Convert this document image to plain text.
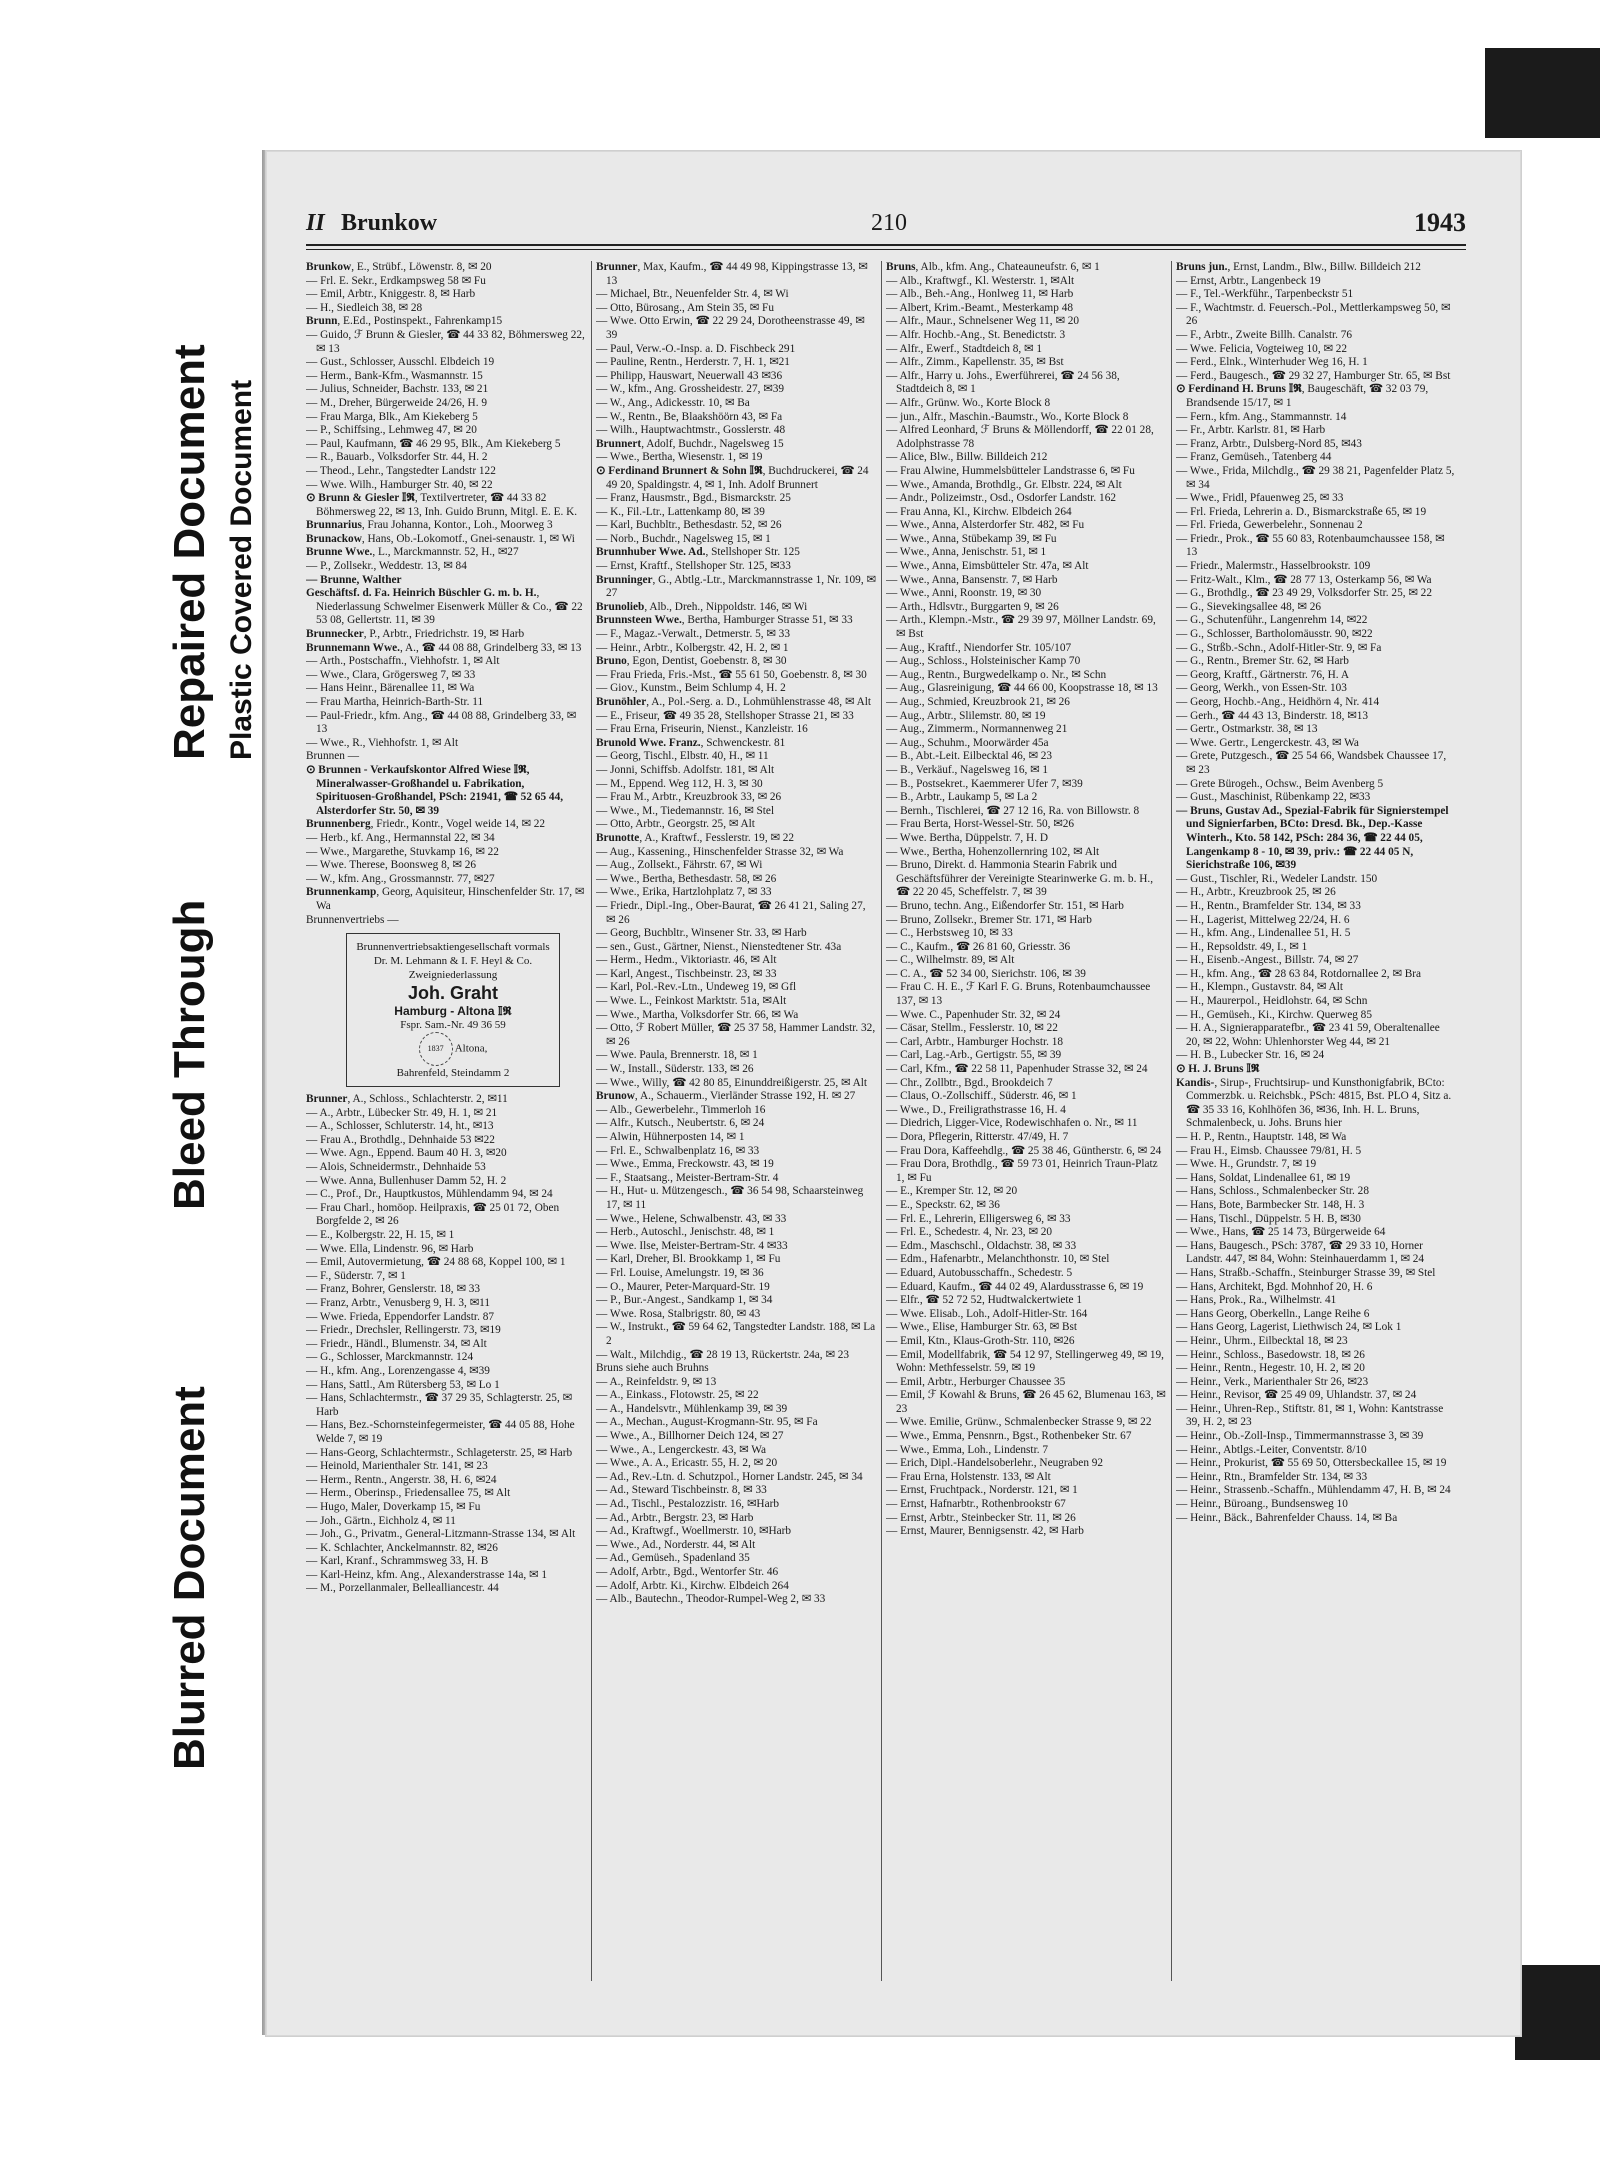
Blurred Document
Bleed Through
Repaired Document Plastic Covered Document
II Brunkow	210	1943

Brunkow, E., Strübf., Löwenstr. 8, ✉ 20

— Frl. E. Sekr., Erdkampsweg 58 ✉ Fu

— Emil, Arbtr., Kniggestr. 8, ✉ Harb

— H., Siedleich 38, ✉ 28

Brunn, E.Ed., Postinspekt., Fahrenkamp15

— Guido, ℱ Brunn & Giesler, ☎ 44 33 82, Böhmersweg 22, ✉ 13

— Gust., Schlosser, Ausschl. Elbdeich 19

— Herm., Bank-Kfm., Wasmannstr. 15

— Julius, Schneider, Bachstr. 133, ✉ 21

— M., Dreher, Bürgerweide 24/26, H. 9

— Frau Marga, Blk., Am Kiekeberg 5

— P., Schiffsing., Lehmweg 47, ✉ 20

— Paul, Kaufmann, ☎ 46 29 95, Blk., Am Kiekeberg 5

— R., Bauarb., Volksdorfer Str. 44, H. 2

— Theod., Lehr., Tangstedter Landstr 122

— Wwe. Wilh., Hamburger Str. 40, ✉ 22

⊙ Brunn & Giesler 𝕀𝕽, Textilvertreter, ☎ 44 33 82 Böhmersweg 22, ✉ 13, Inh. Guido Brunn, Mitgl. E. E. K.

Brunnarius, Frau Johanna, Kontor., Loh., Moorweg 3

Brunackow, Hans, Ob.-Lokomotf., Gnei-senaustr. 1, ✉ Wi

Brunne Wwe., L., Marckmannstr. 52, H., ✉27

— P., Zollsekr., Weddestr. 13, ✉ 84

— Brunne, Walther

Geschäftsf. d. Fa. Heinrich Büschler G. m. b. H., Niederlassung Schwelmer Eisenwerk Müller & Co., ☎ 22 53 08, Gellertstr. 11, ✉ 39

Brunnecker, P., Arbtr., Friedrichstr. 19, ✉ Harb

Brunnemann Wwe., A., ☎ 44 08 88, Grindelberg 33, ✉ 13

— Arth., Postschaffn., Viehhofstr. 1, ✉ Alt

— Wwe., Clara, Grögersweg 7, ✉ 33

— Hans Heinr., Bärenallee 11, ✉ Wa

— Frau Martha, Heinrich-Barth-Str. 11

— Paul-Friedr., kfm. Ang., ☎ 44 08 88, Grindelberg 33, ✉ 13

— Wwe., R., Viehhofstr. 1, ✉ Alt

Brunnen —

⊙ Brunnen - Verkaufskontor Alfred Wiese 𝕀𝕽, Mineralwasser-Großhandel u. Fabrikation, Spirituosen-Großhandel, PSch: 21941, ☎ 52 65 44, Alsterdorfer Str. 50, ✉ 39

Brunnenberg, Friedr., Kontr., Vogel weide 14, ✉ 22

— Herb., kf. Ang., Hermannstal 22, ✉ 34

— Wwe., Margarethe, Stuvkamp 16, ✉ 22

— Wwe. Therese, Boonsweg 8, ✉ 26

— W., kfm. Ang., Grossmannstr. 77, ✉27

Brunnenkamp, Georg, Aquisiteur, Hinschenfelder Str. 17, ✉ Wa

Brunnenvertriebs —

Brunnenvertriebsaktiengesellschaft vormals Dr. M. Lehmann & I. F. Heyl & Co.
Zweigniederlassung
Joh. Graht
Hamburg - Altona 𝕀𝕽
Fspr. Sam.-Nr. 49 36 59
1837 Altona,
Bahrenfeld, Steindamm 2

Brunner, A., Schloss., Schlachterstr. 2, ✉11

— A., Arbtr., Lübecker Str. 49, H. 1, ✉ 21

— A., Schlosser, Schluterstr. 14, ht., ✉13

— Frau A., Brothdlg., Dehnhaide 53 ✉22

— Wwe. Agn., Eppend. Baum 40 H. 3, ✉20

— Alois, Schneidermstr., Dehnhaide 53

— Wwe. Anna, Bullenhuser Damm 52, H. 2

— C., Prof., Dr., Hauptkustos, Mühlendamm 94, ✉ 24

— Frau Charl., homöop. Heilpraxis, ☎ 25 01 72, Oben Borgfelde 2, ✉ 26

— E., Kolbergstr. 22, H. 15, ✉ 1

— Wwe. Ella, Lindenstr. 96, ✉ Harb

— Emil, Autovermietung, ☎ 24 88 68, Koppel 100, ✉ 1

— F., Süderstr. 7, ✉ 1

— Franz, Bohrer, Genslerstr. 18, ✉ 33

— Franz, Arbtr., Venusberg 9, H. 3, ✉11

— Wwe. Frieda, Eppendorfer Landstr. 87

— Friedr., Drechsler, Rellingerstr. 73, ✉19

— Friedr., Händl., Blumenstr. 34, ✉ Alt

— G., Schlosser, Marckmannstr. 124

— H., kfm. Ang., Lorenzengasse 4, ✉39

— Hans, Sattl., Am Rütersberg 53, ✉ Lo 1

— Hans, Schlachtermstr., ☎ 37 29 35, Schlagterstr. 25, ✉ Harb

— Hans, Bez.-Schornsteinfegermeister, ☎ 44 05 88, Hohe Welde 7, ✉ 19

— Hans-Georg, Schlachtermstr., Schlageterstr. 25, ✉ Harb

— Heinold, Marienthaler Str. 141, ✉ 23

— Herm., Rentn., Angerstr. 38, H. 6, ✉24

— Herm., Oberinsp., Friedensallee 75, ✉ Alt

— Hugo, Maler, Doverkamp 15, ✉ Fu

— Joh., Gärtn., Eichholz 4, ✉ 11

— Joh., G., Privatm., General-Litzmann-Strasse 134, ✉ Alt

— K. Schlachter, Anckelmannstr. 82, ✉26

— Karl, Kranf., Schrammsweg 33, H. B

— Karl-Heinz, kfm. Ang., Alexanderstrasse 14a, ✉ 1

— M., Porzellanmaler, Bellealliancestr. 44

Brunner, Max, Kaufm., ☎ 44 49 98, Kippingstrasse 13, ✉ 13

— Michael, Btr., Neuenfelder Str. 4, ✉ Wi

— Otto, Bürosang., Am Stein 35, ✉ Fu

— Wwe. Otto Erwin, ☎ 22 29 24, Dorotheenstrasse 49, ✉ 39

— Paul, Verw.-O.-Insp. a. D. Fischbeck 291

— Pauline, Rentn., Herderstr. 7, H. 1, ✉21

— Philipp, Hauswart, Neuerwall 43 ✉36

— W., kfm., Ang. Grossheidestr. 27, ✉39

— W., Ang., Adickesstr. 10, ✉ Ba

— W., Rentn., Be, Blaakshöörn 43, ✉ Fa

— Wilh., Hauptwachtmstr., Gosslerstr. 48

Brunnert, Adolf, Buchdr., Nagelsweg 15

— Wwe., Bertha, Wiesenstr. 1, ✉ 19

⊙ Ferdinand Brunnert & Sohn 𝕀𝕽, Buchdruckerei, ☎ 24 49 20, Spaldingstr. 4, ✉ 1, Inh. Adolf Brunnert

— Franz, Hausmstr., Bgd., Bismarckstr. 25

— K., Fil.-Ltr., Lattenkamp 80, ✉ 39

— Karl, Buchbltr., Bethesdastr. 52, ✉ 26

— Norb., Buchdr., Nagelsweg 15, ✉ 1

Brunnhuber Wwe. Ad., Stellshoper Str. 125

— Ernst, Kraftf., Stellshoper Str. 125, ✉33

Brunninger, G., Abtlg.-Ltr., Marckmannstrasse 1, Nr. 109, ✉ 27

Brunolieb, Alb., Dreh., Nippoldstr. 146, ✉ Wi

Brunnsteen Wwe., Bertha, Hamburger Strasse 51, ✉ 33

— F., Magaz.-Verwalt., Detmerstr. 5, ✉ 33

— Heinr., Arbtr., Kolbergstr. 42, H. 2, ✉ 1

Bruno, Egon, Dentist, Goebenstr. 8, ✉ 30

— Frau Frieda, Fris.-Mst., ☎ 55 61 50, Goebenstr. 8, ✉ 30

— Giov., Kunstm., Beim Schlump 4, H. 2

Brunöhler, A., Pol.-Serg. a. D., Lohmühlenstrasse 48, ✉ Alt

— E., Friseur, ☎ 49 35 28, Stellshoper Strasse 21, ✉ 33

— Frau Erna, Friseurin, Nienst., Kanzleistr. 16

Brunold Wwe. Franz., Schwenckestr. 81

— Georg, Tischl., Elbstr. 40, H., ✉ 11

— Jonni, Schiffsb. Adolfstr. 181, ✉ Alt

— M., Eppend. Weg 112, H. 3, ✉ 30

— Frau M., Arbtr., Kreuzbrook 33, ✉ 26

— Wwe., M., Tiedemannstr. 16, ✉ Stel

— Otto, Arbtr., Georgstr. 25, ✉ Alt

Brunotte, A., Kraftwf., Fesslerstr. 19, ✉ 22

— Aug., Kassening., Hinschenfelder Strasse 32, ✉ Wa

— Aug., Zollsekt., Fährstr. 67, ✉ Wi

— Wwe., Bertha, Bethesdastr. 58, ✉ 26

— Wwe., Erika, Hartzlohplatz 7, ✉ 33

— Friedr., Dipl.-Ing., Ober-Baurat, ☎ 26 41 21, Saling 27, ✉ 26

— Georg, Buchbltr., Winsener Str. 33, ✉ Harb

— sen., Gust., Gärtner, Nienst., Nienstedtener Str. 43a

— Herm., Hedm., Viktoriastr. 46, ✉ Alt

— Karl, Angest., Tischbeinstr. 23, ✉ 33

— Karl, Pol.-Rev.-Ltn., Undeweg 19, ✉ Gfl

— Wwe. L., Feinkost Marktstr. 51a, ✉Alt

— Wwe., Martha, Volksdorfer Str. 66, ✉ Wa

— Otto, ℱ Robert Müller, ☎ 25 37 58, Hammer Landstr. 32, ✉ 26

— Wwe. Paula, Brennerstr. 18, ✉ 1

— W., Install., Süderstr. 133, ✉ 26

— Wwe., Willy, ☎ 42 80 85, Einunddreißigerstr. 25, ✉ Alt

Brunow, A., Schauerm., Vierländer Strasse 192, H. ✉ 27

— Alb., Gewerbelehr., Timmerloh 16

— Alfr., Kutsch., Neubertstr. 6, ✉ 24

— Alwin, Hühnerposten 14, ✉ 1

— Frl. E., Schwalbenplatz 16, ✉ 33

— Wwe., Emma, Freckowstr. 43, ✉ 19

— F., Staatsang., Meister-Bertram-Str. 4

— H., Hut- u. Mützengesch., ☎ 36 54 98, Schaarsteinweg 17, ✉ 11

— Wwe., Helene, Schwalbenstr. 43, ✉ 33

— Herb., Autoschl., Jenischstr. 48, ✉ 1

— Wwe. Ilse, Meister-Bertram-Str. 4 ✉33

— Karl, Dreher, Bl. Brookkamp 1, ✉ Fu

— Frl. Louise, Amelungstr. 19, ✉ 36

— O., Maurer, Peter-Marquard-Str. 19

— P., Bur.-Angest., Sandkamp 1, ✉ 34

— Wwe. Rosa, Stalbrigstr. 80, ✉ 43

— W., Instrukt., ☎ 59 64 62, Tangstedter Landstr. 188, ✉ La 2

— Walt., Milchdig., ☎ 28 19 13, Rückertstr. 24a, ✉ 23

Bruns siehe auch Bruhns

— A., Reinfeldstr. 9, ✉ 13

— A., Einkass., Flotowstr. 25, ✉ 22

— A., Handelsvtr., Mühlenkamp 39, ✉ 39

— A., Mechan., August-Krogmann-Str. 95, ✉ Fa

— Wwe., A., Billhorner Deich 124, ✉ 27

— Wwe., A., Lengerckestr. 43, ✉ Wa

— Wwe., A. A., Ericastr. 55, H. 2, ✉ 20

— Ad., Rev.-Ltn. d. Schutzpol., Horner Landstr. 245, ✉ 34

— Ad., Steward Tischbeinstr. 8, ✉ 33

— Ad., Tischl., Pestalozzistr. 16, ✉Harb

— Ad., Arbtr., Bergstr. 23, ✉ Harb

— Ad., Kraftwgf., Woellmerstr. 10, ✉Harb

— Wwe., Ad., Norderstr. 44, ✉ Alt

— Ad., Gemüseh., Spadenland 35

— Adolf, Arbtr., Bgd., Wentorfer Str. 46

— Adolf, Arbtr. Ki., Kirchw. Elbdeich 264

— Alb., Bautechn., Theodor-Rumpel-Weg 2, ✉ 33

Bruns, Alb., kfm. Ang., Chateauneufstr. 6, ✉ 1

— Alb., Kraftwgf., Kl. Westerstr. 1, ✉Alt

— Alb., Beh.-Ang., Honlweg 11, ✉ Harb

— Albert, Krim.-Beamt., Mesterkamp 48

— Alfr., Maur., Schnelsener Weg 11, ✉ 20

— Alfr. Hochb.-Ang., St. Benedictstr. 3

— Alfr., Ewerf., Stadtdeich 8, ✉ 1

— Alfr., Zimm., Kapellenstr. 35, ✉ Bst

— Alfr., Harry u. Johs., Ewerführerei, ☎ 24 56 38, Stadtdeich 8, ✉ 1

— Alfr., Grünw. Wo., Korte Block 8

— jun., Alfr., Maschin.-Baumstr., Wo., Korte Block 8

— Alfred Leonhard, ℱ Bruns & Möllendorff, ☎ 22 01 28, Adolphstrasse 78

— Alice, Blw., Billw. Billdeich 212

— Frau Alwine, Hummelsbütteler Landstrasse 6, ✉ Fu

— Wwe., Amanda, Brothdlg., Gr. Elbstr. 224, ✉ Alt

— Andr., Polizeimstr., Osd., Osdorfer Landstr. 162

— Frau Anna, Kl., Kirchw. Elbdeich 264

— Wwe., Anna, Alsterdorfer Str. 482, ✉ Fu

— Wwe., Anna, Stübekamp 39, ✉ Fu

— Wwe., Anna, Jenischstr. 51, ✉ 1

— Wwe., Anna, Eimsbütteler Str. 47a, ✉ Alt

— Wwe., Anna, Bansenstr. 7, ✉ Harb

— Wwe., Anni, Roonstr. 19, ✉ 30

— Arth., Hdlsvtr., Burggarten 9, ✉ 26

— Arth., Klempn.-Mstr., ☎ 29 39 97, Möllner Landstr. 69, ✉ Bst

— Aug., Kraftf., Niendorfer Str. 105/107

— Aug., Schloss., Holsteinischer Kamp 70

— Aug., Rentn., Burgwedelkamp o. Nr., ✉ Schn

— Aug., Glasreinigung, ☎ 44 66 00, Koopstrasse 18, ✉ 13

— Aug., Schmied, Kreuzbrook 21, ✉ 26

— Aug., Arbtr., Slilemstr. 80, ✉ 19

— Aug., Zimmerm., Normannenweg 21

— Aug., Schuhm., Moorwärder 45a

— B., Abt.-Leit. Eilbecktal 46, ✉ 23

— B., Verkäuf., Nagelsweg 16, ✉ 1

— B., Postsekret., Kaemmerer Ufer 7, ✉39

— B., Arbtr., Laukamp 5, ✉ La 2

— Bernh., Tischlerei, ☎ 27 12 16, Ra. von Billowstr. 8

— Frau Berta, Horst-Wessel-Str. 50, ✉26

— Wwe. Bertha, Düppelstr. 7, H. D

— Wwe., Bertha, Hohenzollernring 102, ✉ Alt

— Bruno, Direkt. d. Hammonia Stearin Fabrik und Geschäftsführer der Vereinigte Stearinwerke G. m. b. H., ☎ 22 20 45, Scheffelstr. 7, ✉ 39

— Bruno, techn. Ang., Eißendorfer Str. 151, ✉ Harb

— Bruno, Zollsekr., Bremer Str. 171, ✉ Harb

— C., Herbstsweg 10, ✉ 33

— C., Kaufm., ☎ 26 81 60, Griesstr. 36

— C., Wilhelmstr. 89, ✉ Alt

— C. A., ☎ 52 34 00, Sierichstr. 106, ✉ 39

— Frau C. H. E., ℱ Karl F. G. Bruns, Rotenbaumchaussee 137, ✉ 13

— Wwe. C., Papenhuder Str. 32, ✉ 24

— Cäsar, Stellm., Fesslerstr. 10, ✉ 22

— Carl, Arbtr., Hamburger Hochstr. 18

— Carl, Lag.-Arb., Gertigstr. 55, ✉ 39

— Carl, Kfm., ☎ 22 58 11, Papenhuder Strasse 32, ✉ 24

— Chr., Zollbtr., Bgd., Brookdeich 7

— Claus, O.-Zollschiff., Süderstr. 46, ✉ 1

— Wwe., D., Freiligrathstrasse 16, H. 4

— Diedrich, Ligger-Vice, Rodewischhafen o. Nr., ✉ 11

— Dora, Pflegerin, Ritterstr. 47/49, H. 7

— Frau Dora, Kaffeehdlg., ☎ 25 38 46, Güntherstr. 6, ✉ 24

— Frau Dora, Brothdlg., ☎ 59 73 01, Heinrich Traun-Platz 1, ✉ Fu

— E., Kremper Str. 12, ✉ 20

— E., Speckstr. 62, ✉ 36

— Frl. E., Lehrerin, Elligersweg 6, ✉ 33

— Frl. E., Schedestr. 4, Nr. 23, ✉ 20

— Edm., Maschschl., Oldachstr. 38, ✉ 33

— Edm., Hafenarbtr., Melanchthonstr. 10, ✉ Stel

— Eduard, Autobusschaffn., Schedestr. 5

— Eduard, Kaufm., ☎ 44 02 49, Alardusstrasse 6, ✉ 19

— Elfr., ☎ 52 72 52, Hudtwalckertwiete 1

— Wwe. Elisab., Loh., Adolf-Hitler-Str. 164

— Wwe., Elise, Hamburger Str. 63, ✉ Bst

— Emil, Ktn., Klaus-Groth-Str. 110, ✉26

— Emil, Modellfabrik, ☎ 54 12 97, Stellingerweg 49, ✉ 19, Wohn: Methfesselstr. 59, ✉ 19

— Emil, Arbtr., Herburger Chaussee 35

— Emil, ℱ Kowahl & Bruns, ☎ 26 45 62, Blumenau 163, ✉ 23

— Wwe. Emilie, Grünw., Schmalenbecker Strasse 9, ✉ 22

— Wwe., Emma, Pensnrn., Bgst., Rothenbeker Str. 67

— Wwe., Emma, Loh., Lindenstr. 7

— Erich, Dipl.-Handelsoberlehr., Neugraben 92

— Frau Erna, Holstenstr. 133, ✉ Alt

— Ernst, Fruchtpack., Norderstr. 121, ✉ 1

— Ernst, Hafnarbtr., Rothenbrookstr 67

— Ernst, Arbtr., Steinbecker Str. 11, ✉ 26

— Ernst, Maurer, Bennigsenstr. 42, ✉ Harb

Bruns jun., Ernst, Landm., Blw., Billw. Billdeich 212

— Ernst, Arbtr., Langenbeck 19

— F., Tel.-Werkführ., Tarpenbeckstr 51

— F., Wachtmstr. d. Feuersch.-Pol., Mettlerkampsweg 50, ✉ 26

— F., Arbtr., Zweite Billh. Canalstr. 76

— Wwe. Felicia, Vogteiweg 10, ✉ 22

— Ferd., Elnk., Winterhuder Weg 16, H. 1

— Ferd., Baugesch., ☎ 29 32 27, Hamburger Str. 65, ✉ Bst

⊙ Ferdinand H. Bruns 𝕀𝕽, Baugeschäft, ☎ 32 03 79, Brandsende 15/17, ✉ 1

— Fern., kfm. Ang., Stammannstr. 14

— Fr., Arbtr. Karlstr. 81, ✉ Harb

— Franz, Arbtr., Dulsberg-Nord 85, ✉43

— Franz, Gemüseh., Tatenberg 44

— Wwe., Frida, Milchdlg., ☎ 29 38 21, Pagenfelder Platz 5, ✉ 34

— Wwe., Fridl, Pfauenweg 25, ✉ 33

— Frl. Frieda, Lehrerin a. D., Bismarckstraße 65, ✉ 19

— Frl. Frieda, Gewerbelehr., Sonnenau 2

— Friedr., Prok., ☎ 55 60 83, Rotenbaumchaussee 158, ✉ 13

— Friedr., Malermstr., Hasselbrookstr. 109

— Fritz-Walt., Klm., ☎ 28 77 13, Osterkamp 56, ✉ Wa

— G., Brothdlg., ☎ 23 49 29, Volksdorfer Str. 25, ✉ 22

— G., Sievekingsallee 48, ✉ 26

— G., Schutenführ., Langenrehm 14, ✉22

— G., Schlosser, Bartholomäusstr. 90, ✉22

— G., Strßb.-Schn., Adolf-Hitler-Str. 9, ✉ Fa

— G., Rentn., Bremer Str. 62, ✉ Harb

— Georg, Kraftf., Gärtnerstr. 76, H. A

— Georg, Werkh., von Essen-Str. 103

— Georg, Hochb.-Ang., Heidhörn 4, Nr. 414

— Gerh., ☎ 44 43 13, Binderstr. 18, ✉13

— Gertr., Ostmarkstr. 38, ✉ 13

— Wwe. Gertr., Lengerckestr. 43, ✉ Wa

— Grete, Putzgesch., ☎ 25 54 66, Wandsbek Chaussee 17, ✉ 23

— Grete Bürogeh., Ochsw., Beim Avenberg 5

— Gust., Maschinist, Rübenkamp 22, ✉33

— Bruns, Gustav Ad., Spezial-Fabrik für Signierstempel und Signierfarben, BCto: Dresd. Bk., Dep.-Kasse Winterh., Kto. 58 142, PSch: 284 36, ☎ 22 44 05, Langenkamp 8 - 10, ✉ 39, priv.: ☎ 22 44 05 N, Sierichstraße 106, ✉39

— Gust., Tischler, Ri., Wedeler Landstr. 150

— H., Arbtr., Kreuzbrook 25, ✉ 26

— H., Rentn., Bramfelder Str. 134, ✉ 33

— H., Lagerist, Mittelweg 22/24, H. 6

— H., kfm. Ang., Lindenallee 51, H. 5

— H., Repsoldstr. 49, I., ✉ 1

— H., Eisenb.-Angest., Billstr. 74, ✉ 27

— H., kfm. Ang., ☎ 28 63 84, Rotdornallee 2, ✉ Bra

— H., Klempn., Gustavstr. 84, ✉ Alt

— H., Maurerpol., Heidlohstr. 64, ✉ Schn

— H., Gemüseh., Ki., Kirchw. Querweg 85

— H. A., Signierapparatefbr., ☎ 23 41 59, Oberaltenallee 20, ✉ 22, Wohn: Uhlenhorster Weg 44, ✉ 21

— H. B., Lubecker Str. 16, ✉ 24

⊙ H. J. Bruns 𝕀𝕽

Kandis-, Sirup-, Fruchtsirup- und Kunsthonigfabrik, BCto: Commerzbk. u. Reichsbk., PSch: 4815, Bst. PLO 4, Sitz a. ☎ 35 33 16, Kohlhöfen 36, ✉36, Inh. H. L. Bruns, Schmalenbeck, u. Johs. Bruns hier

— H. P., Rentn., Hauptstr. 148, ✉ Wa

— Frau H., Eimsb. Chaussee 79/81, H. 5

— Wwe. H., Grundstr. 7, ✉ 19

— Hans, Soldat, Lindenallee 61, ✉ 19

— Hans, Schloss., Schmalenbecker Str. 28

— Hans, Bote, Barmbecker Str. 148, H. 3

— Hans, Tischl., Düppelstr. 5 H. B, ✉30

— Wwe., Hans, ☎ 25 14 73, Bürgerweide 64

— Hans, Baugesch., PSch: 3787, ☎ 29 33 10, Horner Landstr. 447, ✉ 84, Wohn: Steinhauerdamm 1, ✉ 24

— Hans, Straßb.-Schaffn., Steinburger Strasse 39, ✉ Stel

— Hans, Architekt, Bgd. Mohnhof 20, H. 6

— Hans, Prok., Ra., Wilhelmstr. 41

— Hans Georg, Oberkelln., Lange Reihe 6

— Hans Georg, Lagerist, Liethwisch 24, ✉ Lok 1

— Heinr., Uhrm., Eilbecktal 18, ✉ 23

— Heinr., Schloss., Basedowstr. 18, ✉ 26

— Heinr., Rentn., Hegestr. 10, H. 2, ✉ 20

— Heinr., Verk., Marienthaler Str 26, ✉23

— Heinr., Revisor, ☎ 25 49 09, Uhlandstr. 37, ✉ 24

— Heinr., Uhren-Rep., Stiftstr. 81, ✉ 1, Wohn: Kantstrasse 39, H. 2, ✉ 23

— Heinr., Ob.-Zoll-Insp., Timmermannstrasse 3, ✉ 39

— Heinr., Abtlgs.-Leiter, Conventstr. 8/10

— Heinr., Prokurist, ☎ 55 69 50, Ottersbeckallee 15, ✉ 19

— Heinr., Rtn., Bramfelder Str. 134, ✉ 33

— Heinr., Strassenb.-Schaffn., Mühlendamm 47, H. B, ✉ 24

— Heinr., Büroang., Bundsensweg 10

— Heinr., Bäck., Bahrenfelder Chauss. 14, ✉ Ba
